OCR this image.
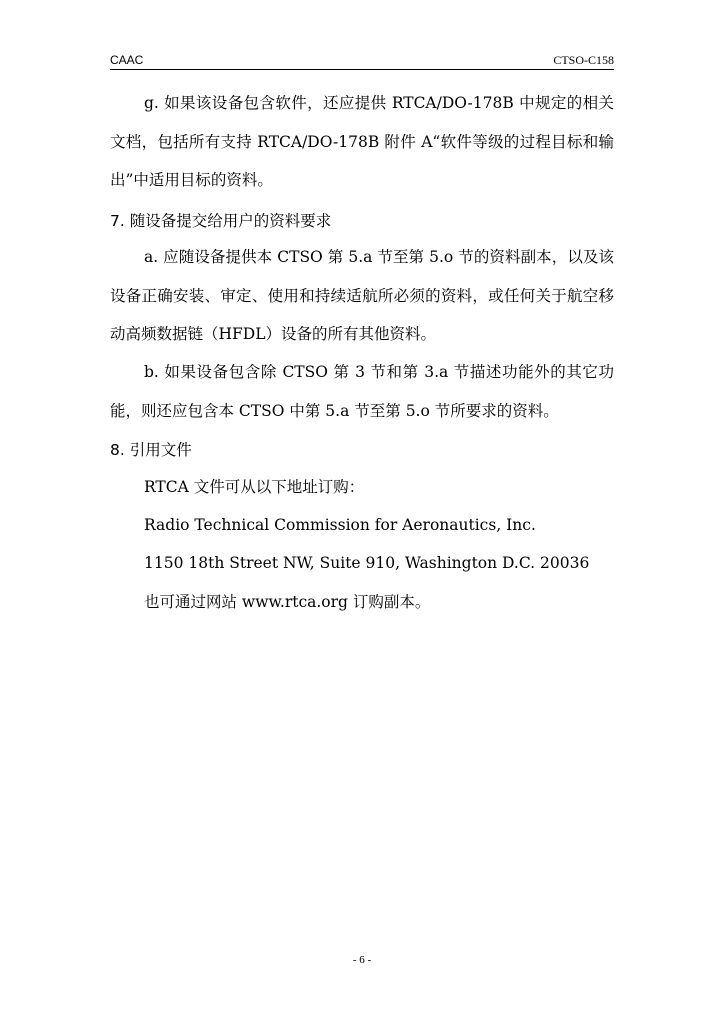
CAAC	CTSO-C158

g. 如果该设备包含软件，还应提供 RTCA/DO-178B 中规定的相关文档，包括所有支持 RTCA/DO-178B 附件 A“软件等级的过程目标和输出”中适用目标的资料。

7. 随设备提交给用户的资料要求

a. 应随设备提供本 CTSO 第 5.a 节至第 5.o 节的资料副本，以及该设备正确安装、审定、使用和持续适航所必须的资料，或任何关于航空移动高频数据链（HFDL）设备的所有其他资料。

b. 如果设备包含除 CTSO 第 3 节和第 3.a 节描述功能外的其它功能，则还应包含本 CTSO 中第 5.a 节至第 5.o 节所要求的资料。

8. 引用文件

RTCA 文件可从以下地址订购：

Radio Technical Commission for Aeronautics, Inc.

1150 18th Street NW, Suite 910, Washington D.C. 20036

也可通过网站 www.rtca.org 订购副本。

- 6 -
